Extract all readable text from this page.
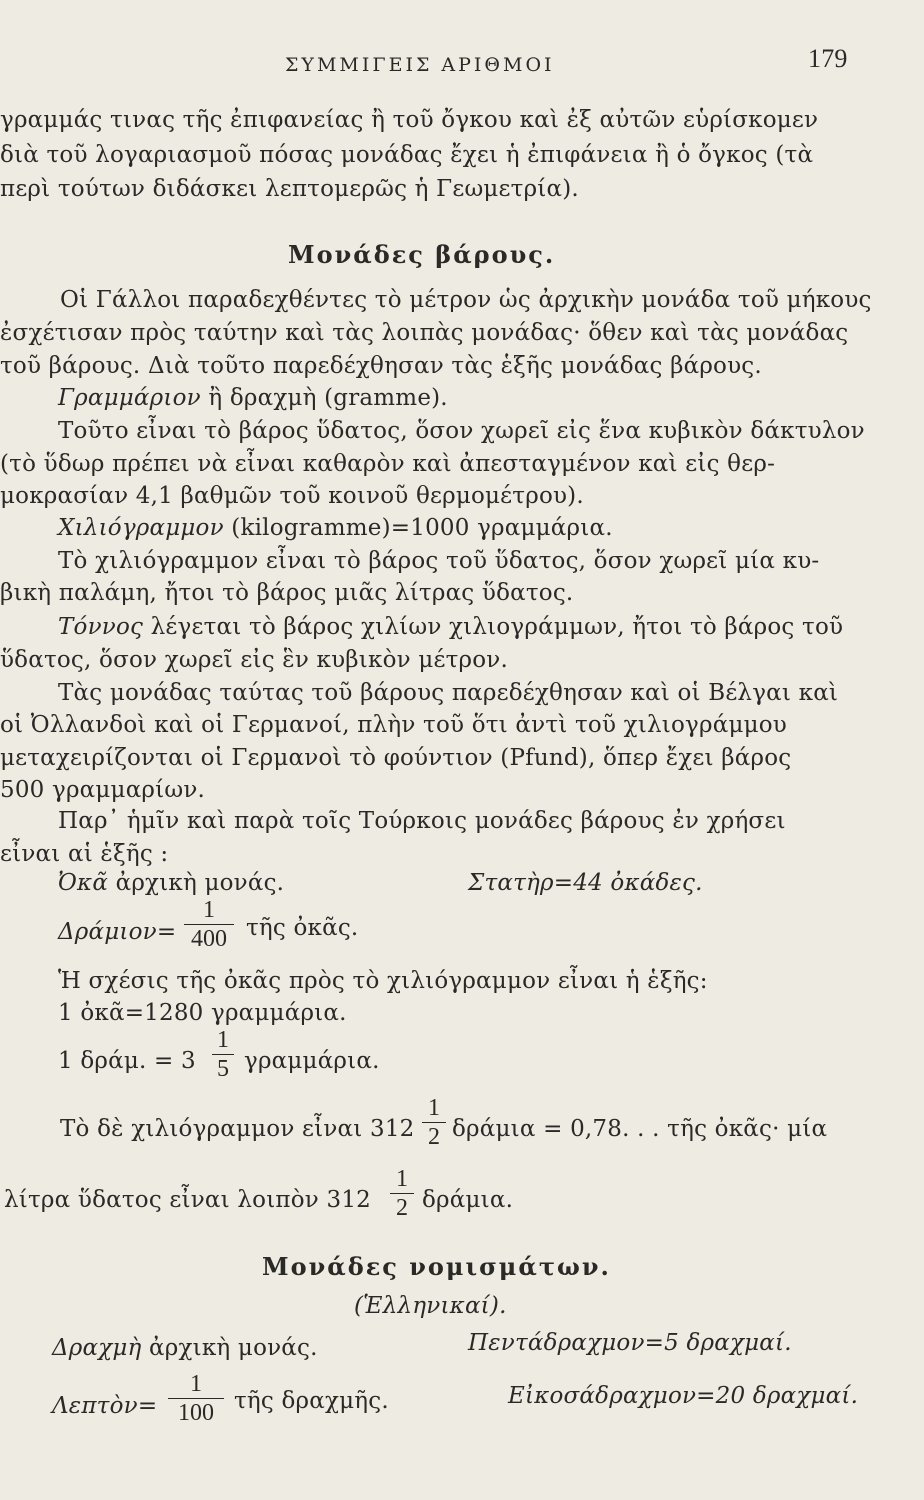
ΣΥΜΜΙΓΕΙΣ ΑΡΙΘΜΟΙ	179
γραμμάς τινας τῆς ἐπιφανείας ἢ τοῦ ὄγκου καὶ ἐξ αὐτῶν εὑρίσκομεν
διὰ τοῦ λογαριασμοῦ πόσας μονάδας ἔχει ἡ ἐπιφάνεια ἢ ὁ ὄγκος (τὰ
περὶ τούτων διδάσκει λεπτομερῶς ἡ Γεωμετρία).
Μονάδες βάρους.
Οἱ Γάλλοι παραδεχθέντες τὸ μέτρον ὡς ἀρχικὴν μονάδα τοῦ μήκους
ἐσχέτισαν πρὸς ταύτην καὶ τὰς λοιπὰς μονάδας· ὅθεν καὶ τὰς μονάδας
τοῦ βάρους. Διὰ τοῦτο παρεδέχθησαν τὰς ἑξῆς μονάδας βάρους.
Γραμμάριον ἢ δραχμὴ (gramme).
Τοῦτο εἶναι τὸ βάρος ὕδατος, ὅσον χωρεῖ εἰς ἕνα κυβικὸν δάκτυλον
(τὸ ὕδωρ πρέπει νὰ εἶναι καθαρὸν καὶ ἀπεσταγμένον καὶ εἰς θερ-
μοκρασίαν 4,1 βαθμῶν τοῦ κοινοῦ θερμομέτρου).
Χιλιόγραμμον (kilogramme)=1000 γραμμάρια.
Τὸ χιλιόγραμμον εἶναι τὸ βάρος τοῦ ὕδατος, ὅσον χωρεῖ μία κυ-
βικὴ παλάμη, ἤτοι τὸ βάρος μιᾶς λίτρας ὕδατος.
Τόννος λέγεται τὸ βάρος χιλίων χιλιογράμμων, ἤτοι τὸ βάρος τοῦ
ὕδατος, ὅσον χωρεῖ εἰς ἓν κυβικὸν μέτρον.
Τὰς μονάδας ταύτας τοῦ βάρους παρεδέχθησαν καὶ οἱ Βέλγαι καὶ
οἱ Ὀλλανδοὶ καὶ οἱ Γερμανοί, πλὴν τοῦ ὅτι ἀντὶ τοῦ χιλιογράμμου
μεταχειρίζονται οἱ Γερμανοὶ τὸ φούντιον (Pfund), ὅπερ ἔχει βάρος
500 γραμμαρίων.
Παρ᾿ ἡμῖν καὶ παρὰ τοῖς Τούρκοις μονάδες βάρους ἐν χρήσει
εἶναι αἱ ἑξῆς :
Ὀκᾶ ἀρχικὴ μονάς.	Στατὴρ=44 ὀκάδες.
Δράμιον=
1
400 τῆς ὀκᾶς.
Ἡ σχέσις τῆς ὀκᾶς πρὸς τὸ χιλιόγραμμον εἶναι ἡ ἑξῆς:
1 ὀκᾶ=1280 γραμμάρια.
1 δράμ. = 3
1
5 γραμμάρια.
Τὸ δὲ χιλιόγραμμον εἶναι 312
1
2 δράμια = 0,78. . . τῆς ὀκᾶς· μία
λίτρα ὕδατος εἶναι λοιπὸν 312
1
2 δράμια.
Μονάδες νομισμάτων.
(Ἑλληνικαί).
Δραχμὴ ἀρχικὴ μονάς.	Πεντάδραχμον=5 δραχμαί.
Λεπτὸν=
1
100 τῆς δραχμῆς.	Εἰκοσάδραχμον=20 δραχμαί.
